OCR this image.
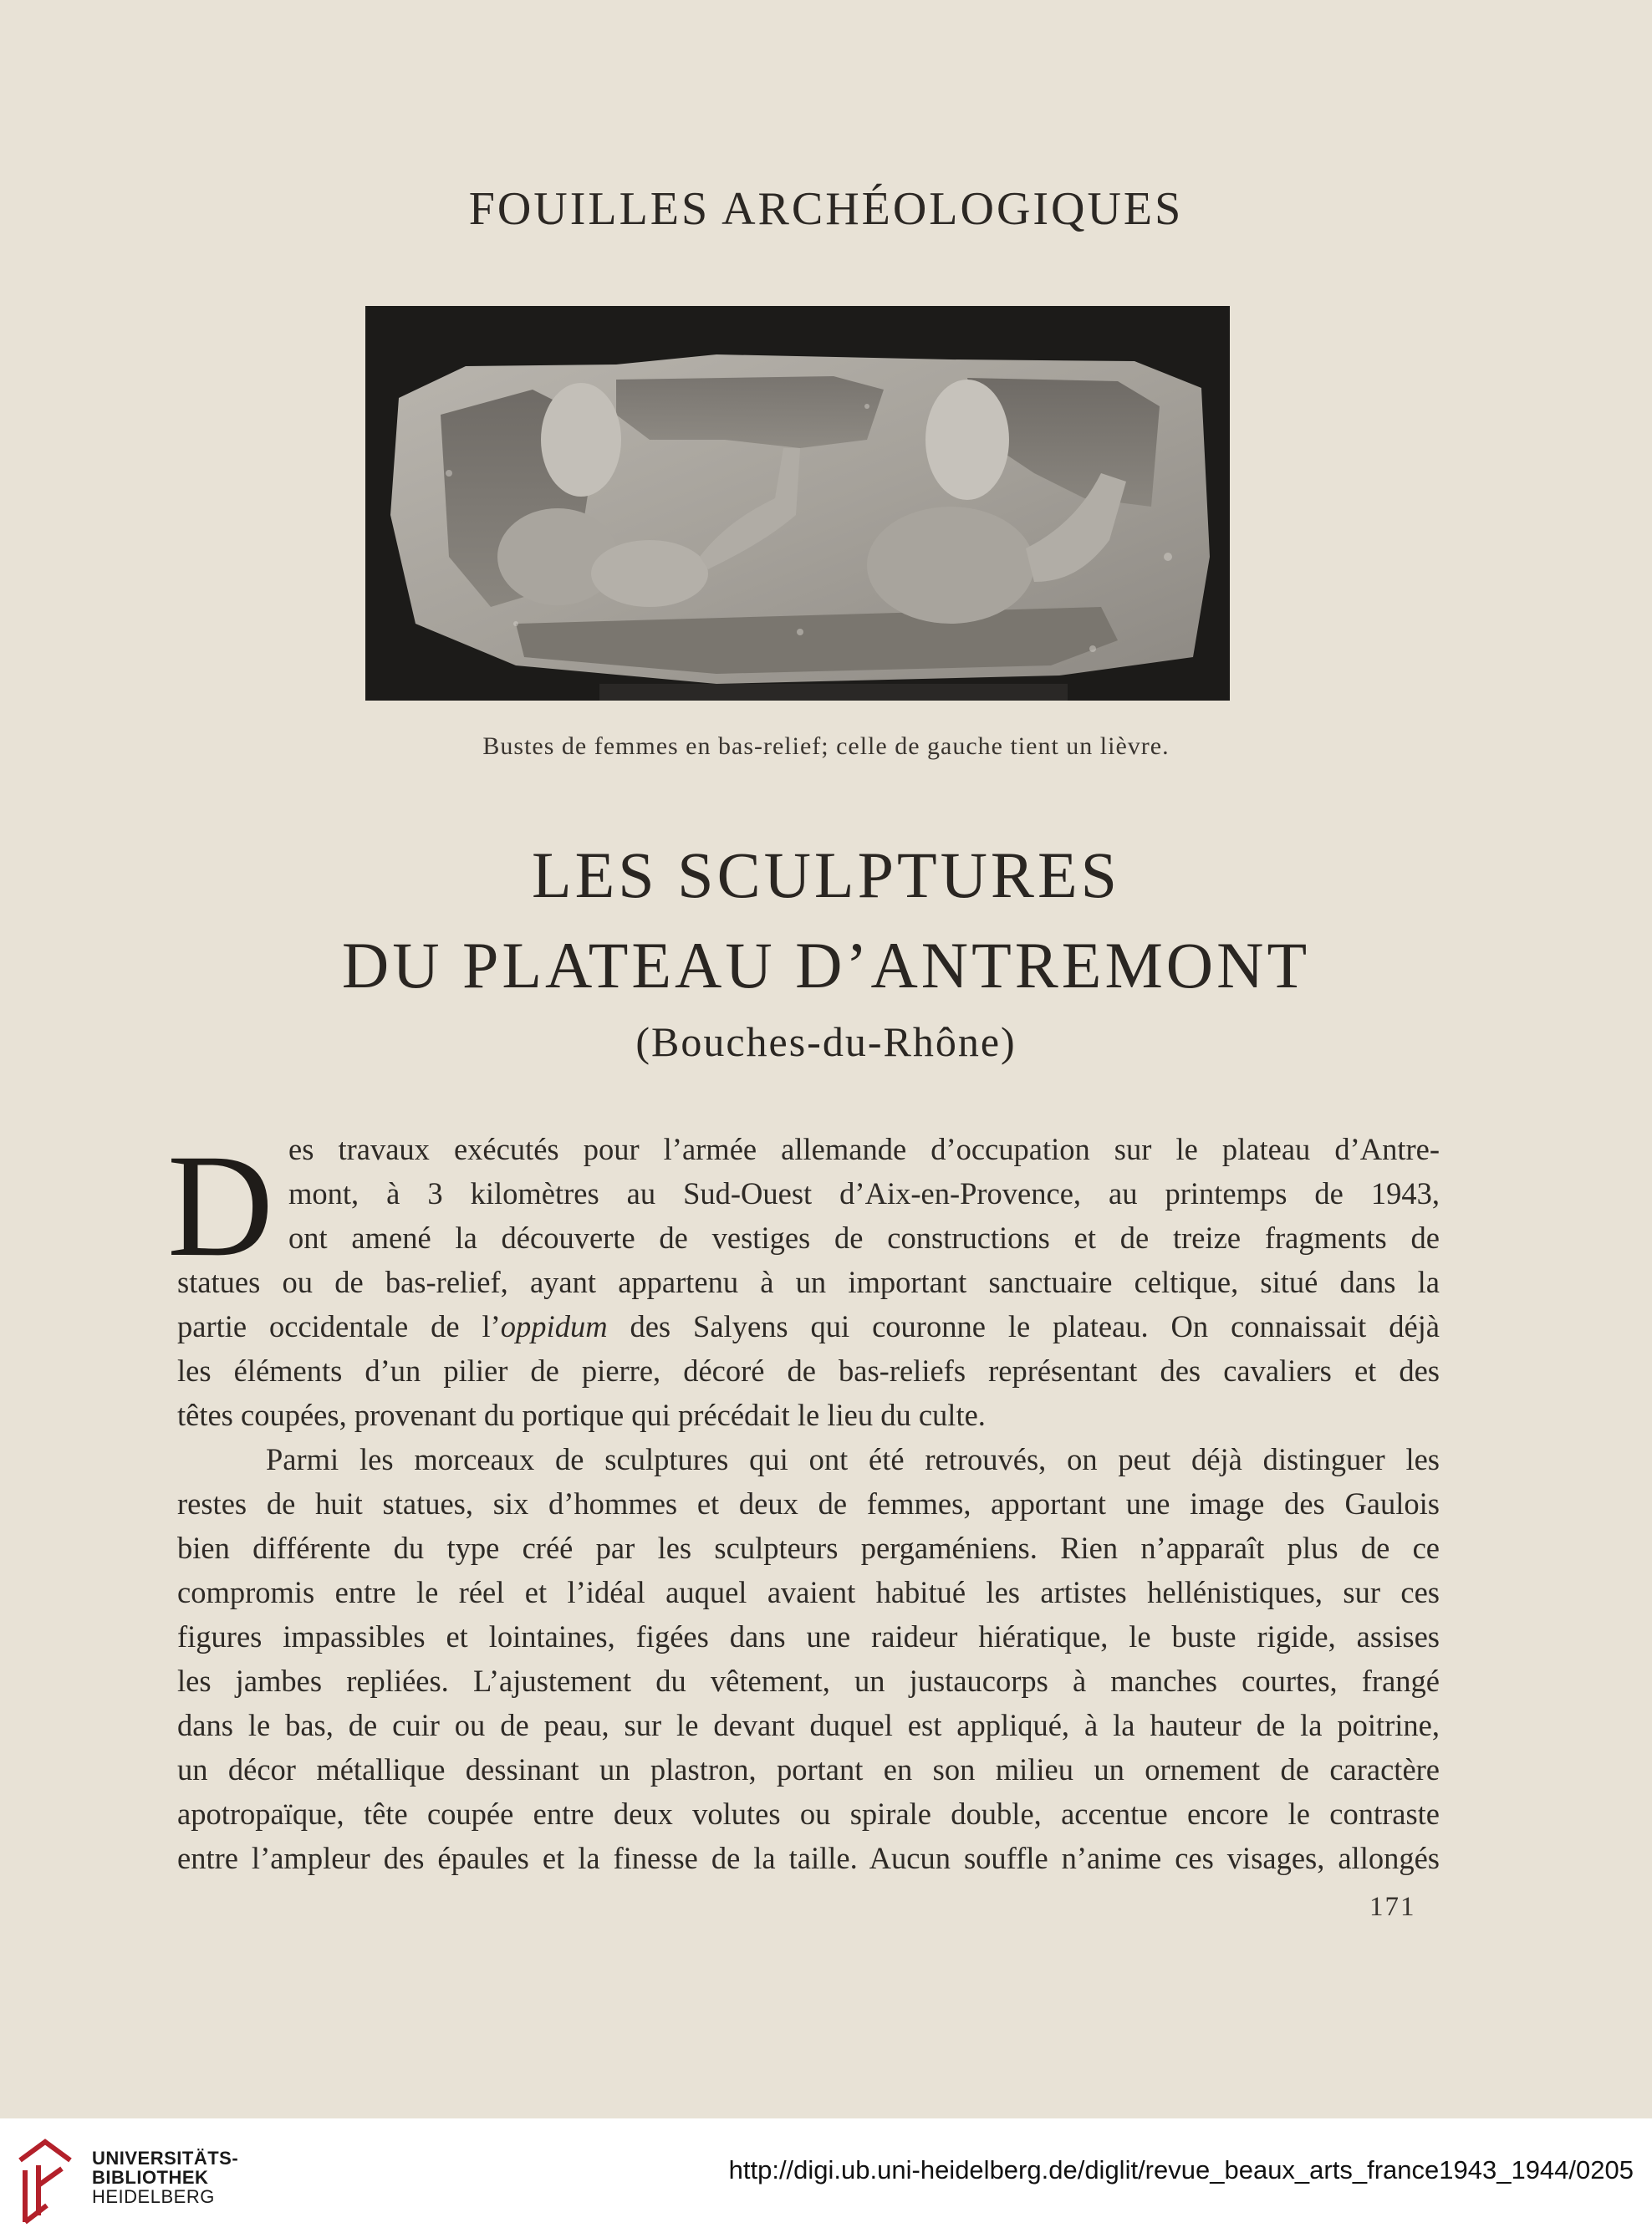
FOUILLES ARCHÉOLOGIQUES
Bustes de femmes en bas-relief; celle de gauche tient un lièvre.
LES SCULPTURES
DU PLATEAU D’ANTREMONT
(Bouches-du-Rhône)
D es travaux exécutés pour l’armée allemande d’occupation sur le plateau d’Antre-
mont, à 3 kilomètres au Sud-Ouest d’Aix-en-Provence, au printemps de 1943,
ont amené la découverte de vestiges de constructions et de treize fragments de
statues ou de bas-relief, ayant appartenu à un important sanctuaire celtique, situé dans la
partie occidentale de l’oppidum des Salyens qui couronne le plateau. On connaissait déjà
les éléments d’un pilier de pierre, décoré de bas-reliefs représentant des cavaliers et des
têtes coupées, provenant du portique qui précédait le lieu du culte.
Parmi les morceaux de sculptures qui ont été retrouvés, on peut déjà distinguer les
restes de huit statues, six d’hommes et deux de femmes, apportant une image des Gaulois
bien différente du type créé par les sculpteurs pergaméniens. Rien n’apparaît plus de ce
compromis entre le réel et l’idéal auquel avaient habitué les artistes hellénistiques, sur ces
figures impassibles et lointaines, figées dans une raideur hiératique, le buste rigide, assises
les jambes repliées. L’ajustement du vêtement, un justaucorps à manches courtes, frangé
dans le bas, de cuir ou de peau, sur le devant duquel est appliqué, à la hauteur de la poitrine,
un décor métallique dessinant un plastron, portant en son milieu un ornement de caractère
apotropaïque, tête coupée entre deux volutes ou spirale double, accentue encore le contraste
entre l’ampleur des épaules et la finesse de la taille. Aucun souffle n’anime ces visages, allongés
171
UNIVERSITÄTS-
BIBLIOTHEK
HEIDELBERG
http://digi.ub.uni-heidelberg.de/diglit/revue_beaux_arts_france1943_1944/0205
